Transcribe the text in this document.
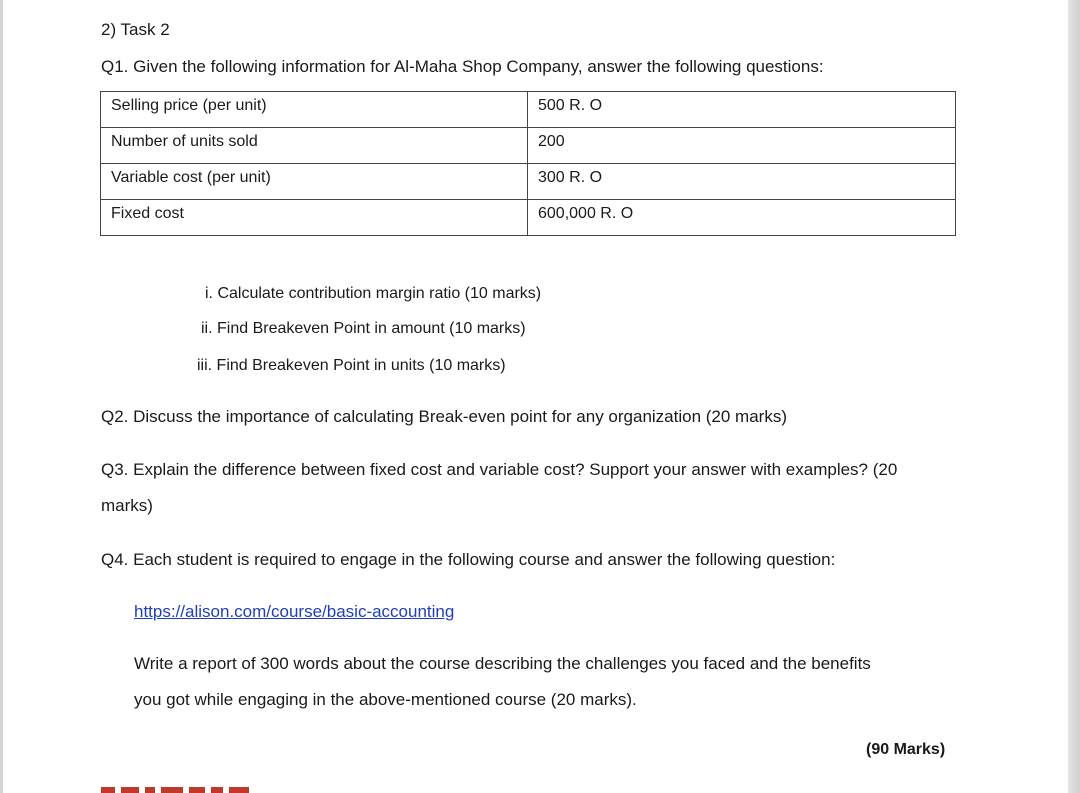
2) Task 2
Q1. Given the following information for Al-Maha Shop Company, answer the following questions:
Selling price (per unit)	500 R. O
Number of units sold	200
Variable cost (per unit)	300 R. O
Fixed cost	600,000 R. O
i. Calculate contribution margin ratio (10 marks)
ii. Find Breakeven Point in amount (10 marks)
iii. Find Breakeven Point in units (10 marks)
Q2. Discuss the importance of calculating Break-even point for any organization (20 marks)
Q3. Explain the difference between fixed cost and variable cost? Support your answer with examples? (20
marks)
Q4. Each student is required to engage in the following course and answer the following question:
https://alison.com/course/basic-accounting
Write a report of 300 words about the course describing the challenges you faced and the benefits
you got while engaging in the above-mentioned course (20 marks).
(90 Marks)
